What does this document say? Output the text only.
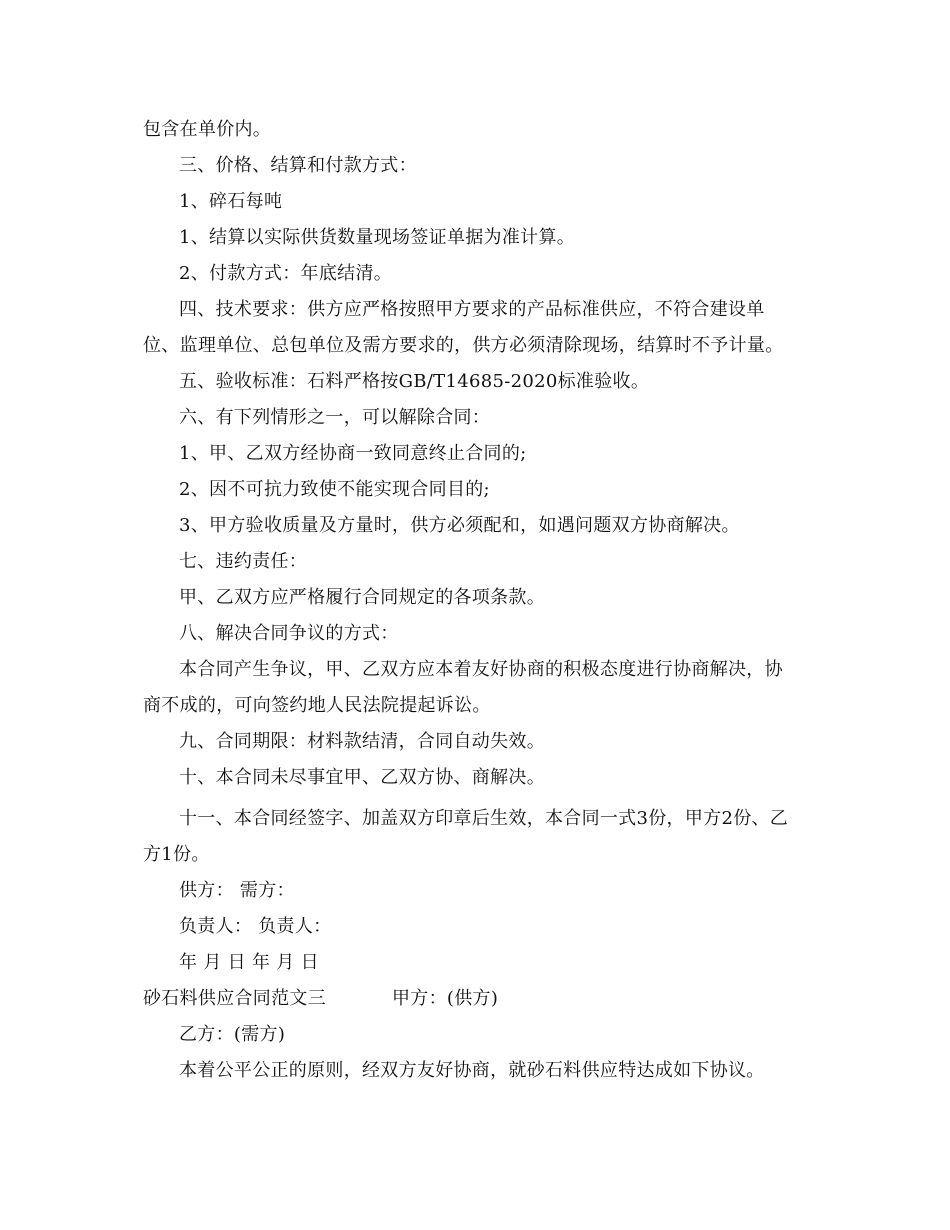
包含在单价内。
三、价格、结算和付款方式：
1、碎石每吨
1、结算以实际供货数量现场签证单据为准计算。
2、付款方式：年底结清。
四、技术要求：供方应严格按照甲方要求的产品标准供应，不符合建设单
位、监理单位、总包单位及需方要求的，供方必须清除现场，结算时不予计量。
五、验收标准：石料严格按GB/T14685-2020标准验收。
六、有下列情形之一，可以解除合同：
1、甲、乙双方经协商一致同意终止合同的;
2、因不可抗力致使不能实现合同目的;
3、甲方验收质量及方量时，供方必须配和，如遇问题双方协商解决。
七、违约责任：
甲、乙双方应严格履行合同规定的各项条款。
八、解决合同争议的方式：
本合同产生争议，甲、乙双方应本着友好协商的积极态度进行协商解决，协
商不成的，可向签约地人民法院提起诉讼。
九、合同期限：材料款结清，合同自动失效。
十、本合同未尽事宜甲、乙双方协、商解决。
十一、本合同经签字、加盖双方印章后生效，本合同一式3份，甲方2份、乙
方1份。
供方： 需方：
负责人： 负责人：
年 月 日 年 月 日
砂石料供应合同范文三	甲方：(供方)
乙方：(需方)
本着公平公正的原则，经双方友好协商，就砂石料供应特达成如下协议。
